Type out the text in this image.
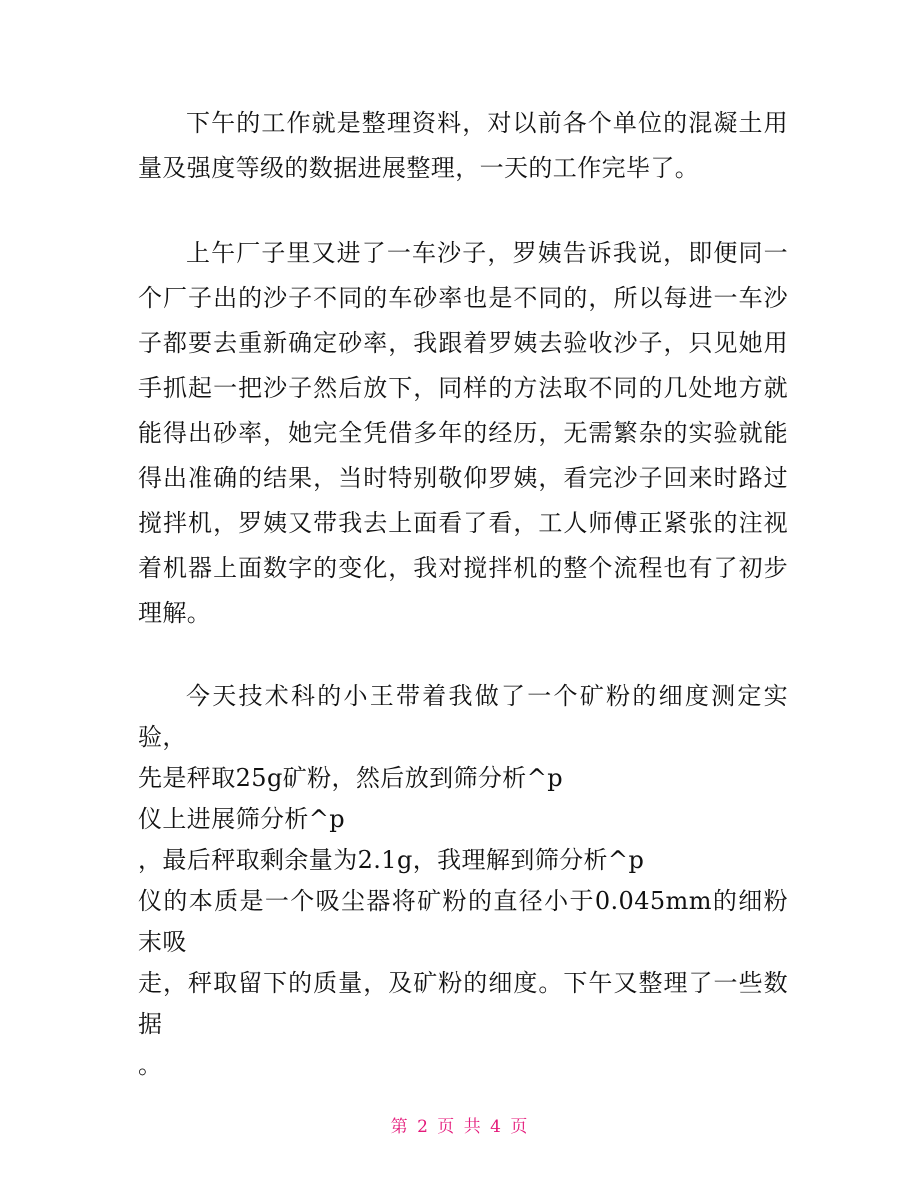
下午的工作就是整理资料，对以前各个单位的混凝土用量及强度等级的数据进展整理，一天的工作完毕了。

上午厂子里又进了一车沙子，罗姨告诉我说，即便同一个厂子出的沙子不同的车砂率也是不同的，所以每进一车沙子都要去重新确定砂率，我跟着罗姨去验收沙子，只见她用手抓起一把沙子然后放下，同样的方法取不同的几处地方就能得出砂率，她完全凭借多年的经历，无需繁杂的实验就能得出准确的结果，当时特别敬仰罗姨，看完沙子回来时路过搅拌机，罗姨又带我去上面看了看，工人师傅正紧张的注视着机器上面数字的变化，我对搅拌机的整个流程也有了初步理解。

今天技术科的小王带着我做了一个矿粉的细度测定实验，
先是秤取25g矿粉，然后放到筛分析^p
仪上进展筛分析^p
，最后秤取剩余量为2.1g，我理解到筛分析^p
仪的本质是一个吸尘器将矿粉的直径小于0.045mm的细粉末吸
走，秤取留下的质量，及矿粉的细度。下午又整理了一些数据
。

第 2 页 共 4 页
